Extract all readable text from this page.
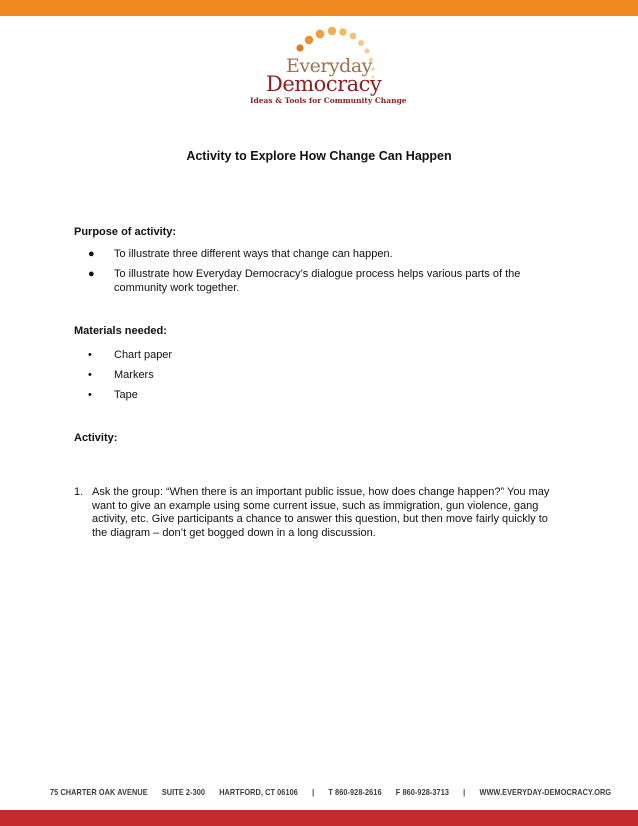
Everyday
Democracy
Ideas & Tools for Community Change
Activity to Explore How Change Can Happen
Purpose of activity:
● To illustrate three different ways that change can happen.
● To illustrate how Everyday Democracy’s dialogue process helps various parts of the community work together.
Materials needed:
• Chart paper
• Markers
• Tape
Activity:
1. Ask the group: “When there is an important public issue, how does change happen?” You may want to give an example using some current issue, such as immigration, gun violence, gang activity, etc. Give participants a chance to answer this question, but then move fairly quickly to the diagram – don’t get bogged down in a long discussion.
75 CHARTER OAK AVENUE SUITE 2-300 HARTFORD, CT 06106 | T 860-928-2616 F 860-928-3713 | WWW.EVERYDAY-DEMOCRACY.ORG
